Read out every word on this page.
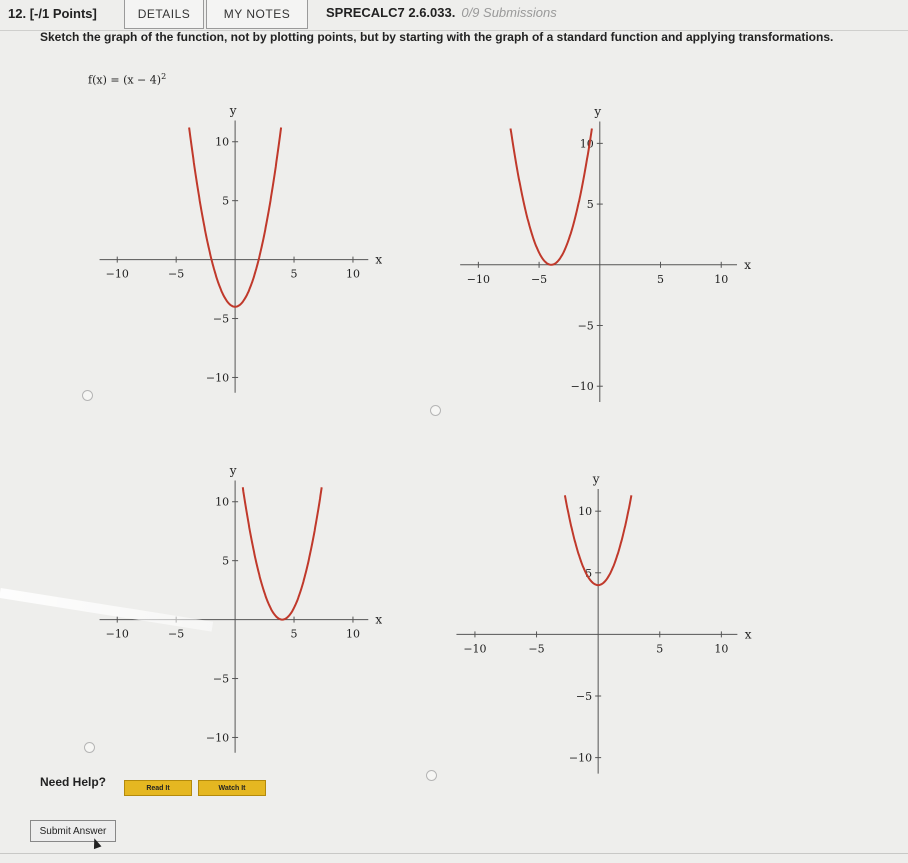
12. [-/1 Points]	DETAILS	MY NOTES	SPRECALC7 2.6.033. 0/9 Submissions
Sketch the graph of the function, not by plotting points, but by starting with the graph of a standard function and applying transformations.
$f(x) = (x - 4)^2$
−10	−5	5	10
10
5
−5
−10
x
y
−10	−5	5	10
10
5
−5
−10
x
y
−10	−5	5	10
10
5
−5
−10
x
y
−10	−5	5	10
10
5
−5
−10
x
y
Need Help?	Read It	Watch It
Submit Answer
